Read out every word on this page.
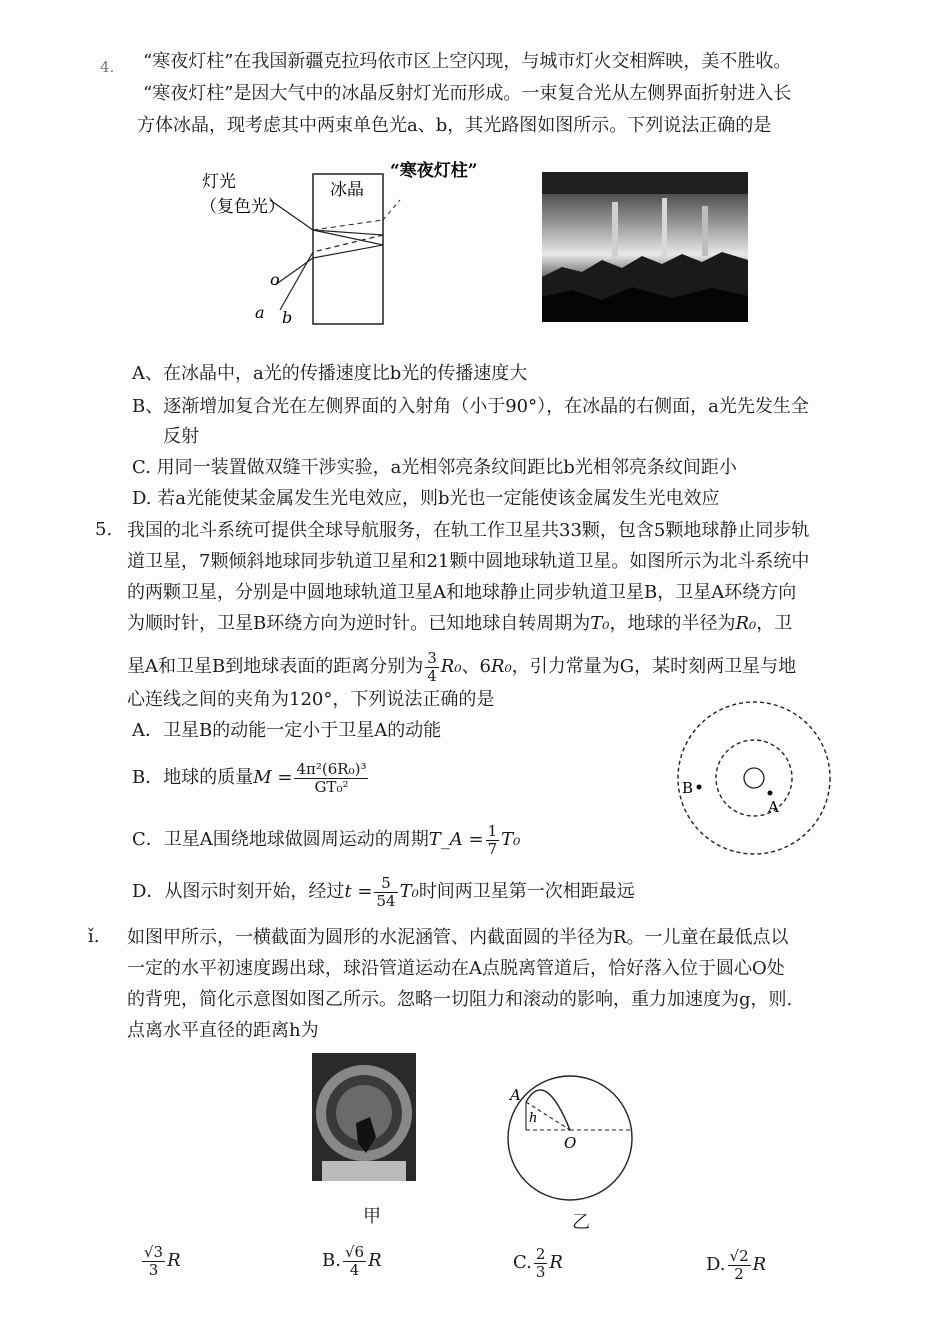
4. “寒夜灯柱”在我国新疆克拉玛依市区上空闪现，与城市灯火交相辉映，美不胜收。
“寒夜灯柱”是因大气中的冰晶反射灯光而形成。一束复合光从左侧界面折射进入长
方体冰晶，现考虑其中两束单色光a、b，其光路图如图所示。下列说法正确的是
灯光
（复色光）
冰晶
“寒夜灯柱”
o
a b
A、在冰晶中，a光的传播速度比b光的传播速度大
B、逐渐增加复合光在左侧界面的入射角（小于90°），在冰晶的右侧面，a光先发生全
反射
C. 用同一装置做双缝干涉实验，a光相邻亮条纹间距比b光相邻亮条纹间距小
D. 若a光能使某金属发生光电效应，则b光也一定能使该金属发生光电效应
5. 我国的北斗系统可提供全球导航服务，在轨工作卫星共33颗，包含5颗地球静止同步轨
道卫星，7颗倾斜地球同步轨道卫星和21颗中圆地球轨道卫星。如图所示为北斗系统中
的两颗卫星，分别是中圆地球轨道卫星A和地球静止同步轨道卫星B，卫星A环绕方向
为顺时针，卫星B环绕方向为逆时针。已知地球自转周期为T₀，地球的半径为R₀，卫
星A和卫星B到地球表面的距离分别为 $\frac{3}{4} R_0$、6R₀，引力常量为G，某时刻两卫星与地
心连线之间的夹角为120°，下列说法正确的是
A．卫星B的动能一定小于卫星A的动能
B．地球的质量$M = \frac{\text{4π²(6R₀)³}}{\text{GT₀²}}$
C．卫星A围绕地球做圆周运动的周期T_A = $\frac{1}{7} T_0$
D．从图示时刻开始，经过$t = \frac{5}{54} T_0$时间两卫星第一次相距最远
B
A
ǐ. 如图甲所示，一横截面为圆形的水泥涵管、内截面圆的半径为R。一儿童在最低点以
一定的水平初速度踢出球，球沿管道运动在A点脱离管道后，恰好落入位于圆心O处
的背兜，简化示意图如图乙所示。忽略一切阻力和滚动的影响，重力加速度为g，则.
点离水平直径的距离h为
A
h
O
甲	乙
$\frac{√3}{3}$ R	B. $\frac{√6}{4}$ R	C. $\frac{2}{3}$ R	D. $\frac{√2}{2}$ R
